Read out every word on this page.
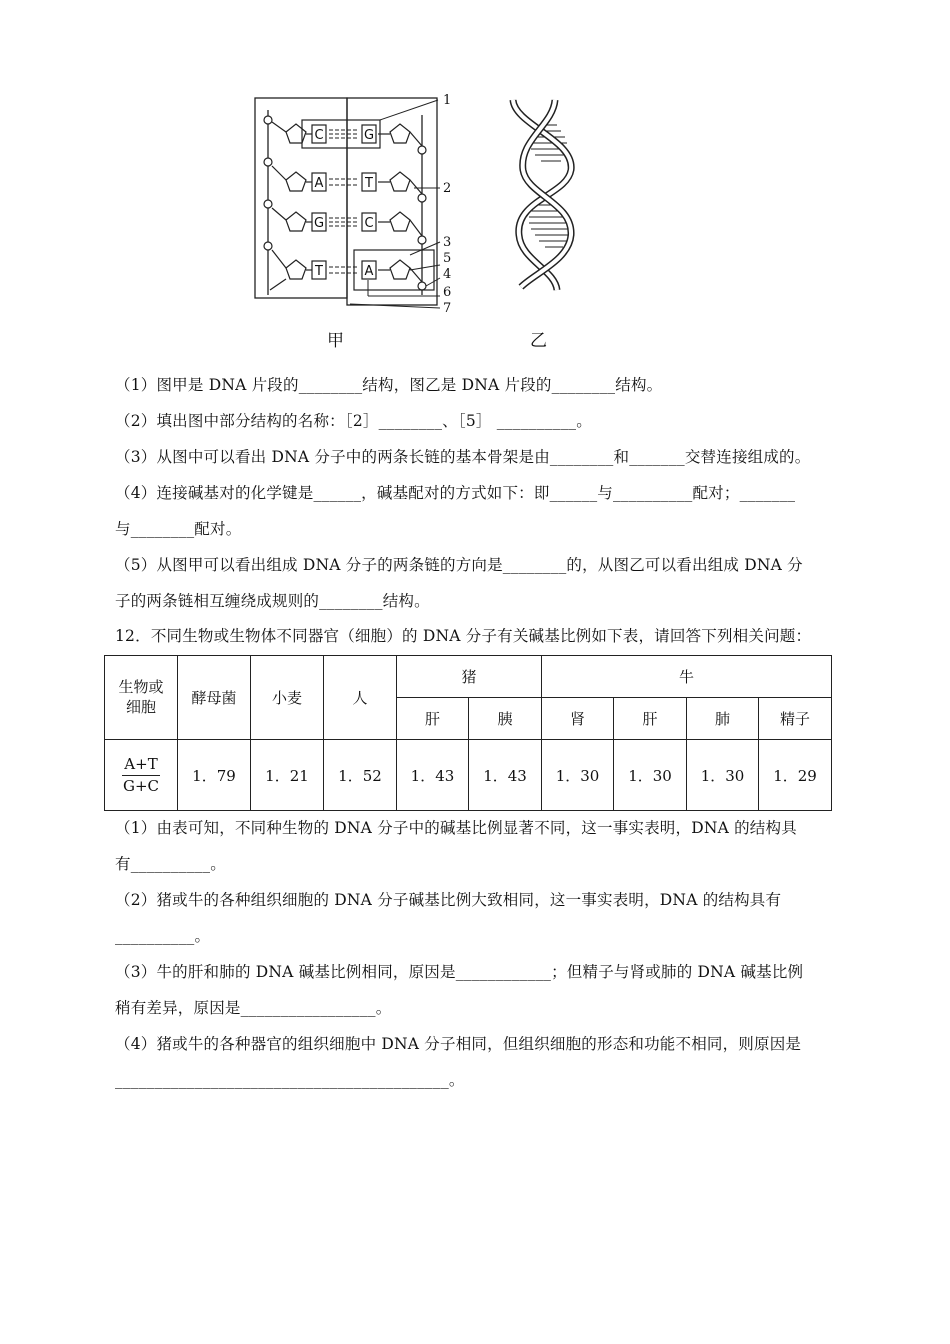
C
A
G
T
G
T
C
A
1
2
3
5
4
6
7
甲	乙
（1）图甲是 DNA 片段的________结构，图乙是 DNA 片段的________结构。
（2）填出图中部分结构的名称：［2］________、［5］ __________。
（3）从图中可以看出 DNA 分子中的两条长链的基本骨架是由________和_______交替连接组成的。
（4）连接碱基对的化学键是______，碱基配对的方式如下：即______与__________配对；_______
与________配对。
（5）从图甲可以看出组成 DNA 分子的两条链的方向是________的，从图乙可以看出组成 DNA 分
子的两条链相互缠绕成规则的________结构。
12．不同生物或生物体不同器官（细胞）的 DNA 分子有关碱基比例如下表，请回答下列相关问题：
生物或细胞	酵母菌	小麦	人	猪		牛			
				肝	胰	肾	肝	肺	精子

$\frac{A+T}{G+C}$	1．79	1．21	1．52	1．43	1．43	1．30	1．30	1．30	1．29
（1）由表可知，不同种生物的 DNA 分子中的碱基比例显著不同，这一事实表明，DNA 的结构具
有__________。
（2）猪或牛的各种组织细胞的 DNA 分子碱基比例大致相同，这一事实表明，DNA 的结构具有
__________。
（3）牛的肝和肺的 DNA 碱基比例相同，原因是____________；但精子与肾或肺的 DNA 碱基比例
稍有差异，原因是_________________。
（4）猪或牛的各种器官的组织细胞中 DNA 分子相同，但组织细胞的形态和功能不相同，则原因是
__________________________________________。
